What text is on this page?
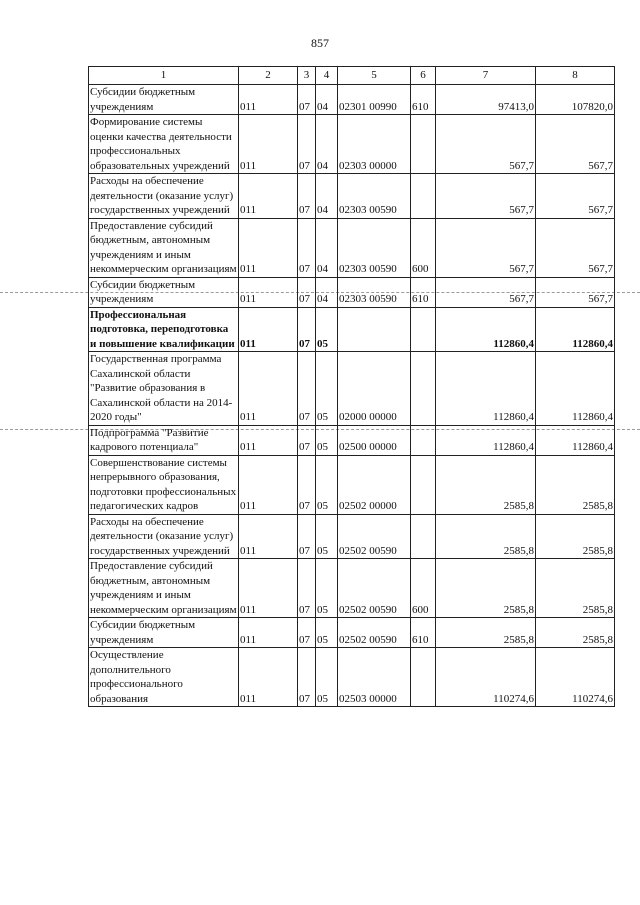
857
1	2	3	4	5	6	7	8
Субсидии бюджетным учреждениям	011	07	04	02301 00990	610	97413,0	107820,0
Формирование системы оценки качества деятельности профессиональных образовательных учреждений	011	07	04	02303 00000		567,7	567,7
Расходы на обеспечение деятельности (оказание услуг) государственных учреждений	011	07	04	02303 00590		567,7	567,7
Предоставление субсидий бюджетным, автономным учреждениям и иным некоммерческим организациям	011	07	04	02303 00590	600	567,7	567,7
Субсидии бюджетным учреждениям	011	07	04	02303 00590	610	567,7	567,7
Профессиональная подготовка, переподготовка и повышение квалификации	011	07	05			112860,4	112860,4
Государственная программа Сахалинской области "Развитие образования в Сахалинской области на 2014-2020 годы"	011	07	05	02000 00000		112860,4	112860,4
Подпрограмма "Развитие кадрового потенциала"	011	07	05	02500 00000		112860,4	112860,4
Совершенствование системы непрерывного образования, подготовки профессиональных педагогических кадров	011	07	05	02502 00000		2585,8	2585,8
Расходы на обеспечение деятельности (оказание услуг) государственных учреждений	011	07	05	02502 00590		2585,8	2585,8
Предоставление субсидий бюджетным, автономным учреждениям и иным некоммерческим организациям	011	07	05	02502 00590	600	2585,8	2585,8
Субсидии бюджетным учреждениям	011	07	05	02502 00590	610	2585,8	2585,8
Осуществление дополнительного профессионального образования	011	07	05	02503 00000		110274,6	110274,6
